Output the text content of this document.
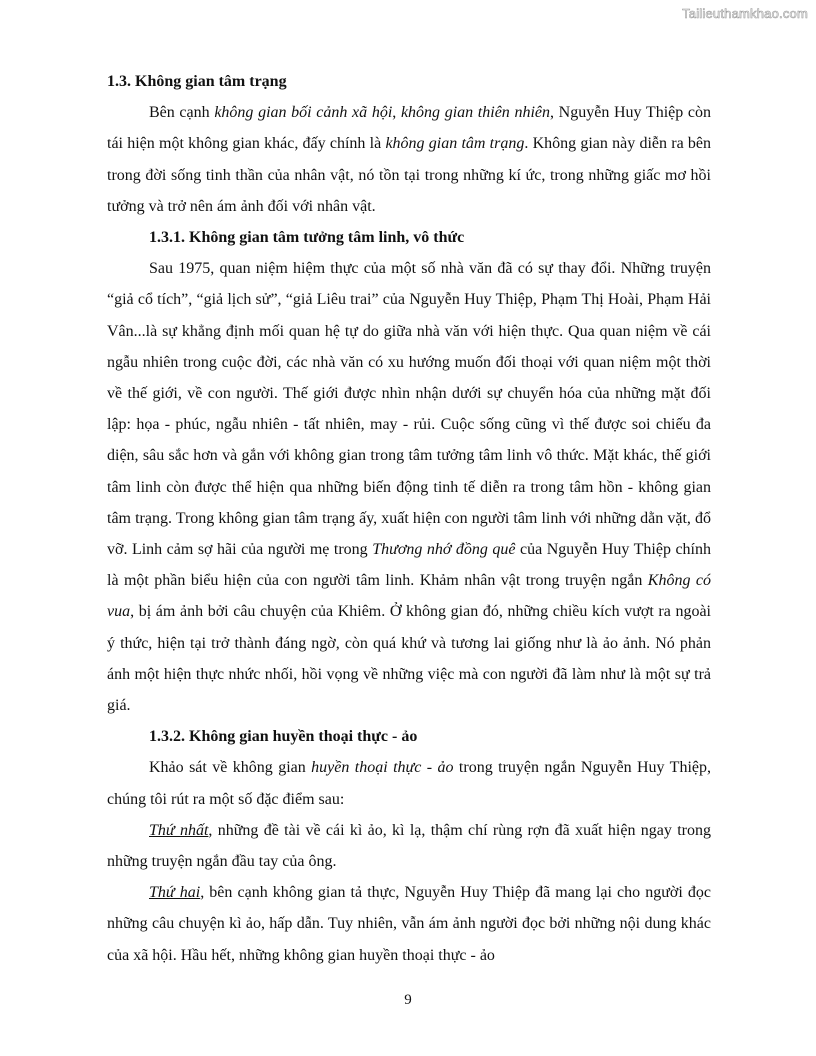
Tailieuthamkhao.com

1.3. Không gian tâm trạng

Bên cạnh không gian bối cảnh xã hội, không gian thiên nhiên, Nguyễn Huy Thiệp còn tái hiện một không gian khác, đấy chính là không gian tâm trạng. Không gian này diễn ra bên trong đời sống tinh thần của nhân vật, nó tồn tại trong những kí ức, trong những giấc mơ hồi tưởng và trở nên ám ảnh đối với nhân vật.

1.3.1. Không gian tâm tưởng tâm linh, vô thức

Sau 1975, quan niệm hiệm thực của một số nhà văn đã có sự thay đổi. Những truyện “giả cổ tích”, “giả lịch sử”, “giả Liêu trai” của Nguyễn Huy Thiệp, Phạm Thị Hoài, Phạm Hải Vân...là sự khẳng định mối quan hệ tự do giữa nhà văn với hiện thực. Qua quan niệm về cái ngẫu nhiên trong cuộc đời, các nhà văn có xu hướng muốn đối thoại với quan niệm một thời về thế giới, về con người. Thế giới được nhìn nhận dưới sự chuyển hóa của những mặt đối lập: họa - phúc, ngẫu nhiên - tất nhiên, may - rủi. Cuộc sống cũng vì thế được soi chiếu đa diện, sâu sắc hơn và gắn với không gian trong tâm tưởng tâm linh vô thức. Mặt khác, thế giới tâm linh còn được thể hiện qua những biến động tinh tế diễn ra trong tâm hồn - không gian tâm trạng. Trong không gian tâm trạng ấy, xuất hiện con người tâm linh với những dằn vặt, đổ vỡ. Linh cảm sợ hãi của người mẹ trong Thương nhớ đồng quê của Nguyễn Huy Thiệp chính là một phần biểu hiện của con người tâm linh. Khảm nhân vật trong truyện ngắn Không có vua, bị ám ảnh bởi câu chuyện của Khiêm. Ở không gian đó, những chiều kích vượt ra ngoài ý thức, hiện tại trở thành đáng ngờ, còn quá khứ và tương lai giống như là ảo ảnh. Nó phản ánh một hiện thực nhức nhối, hồi vọng về những việc mà con người đã làm như là một sự trả giá.

1.3.2. Không gian huyền thoại thực - ảo

Khảo sát về không gian huyền thoại thực - ảo trong truyện ngắn Nguyễn Huy Thiệp, chúng tôi rút ra một số đặc điểm sau:

Thứ nhất, những đề tài về cái kì ảo, kì lạ, thậm chí rùng rợn đã xuất hiện ngay trong những truyện ngắn đầu tay của ông.

Thứ hai, bên cạnh không gian tả thực, Nguyễn Huy Thiệp đã mang lại cho người đọc những câu chuyện kì ảo, hấp dẫn. Tuy nhiên, vẫn ám ảnh người đọc bởi những nội dung khác của xã hội. Hầu hết, những không gian huyền thoại thực - ảo

9
